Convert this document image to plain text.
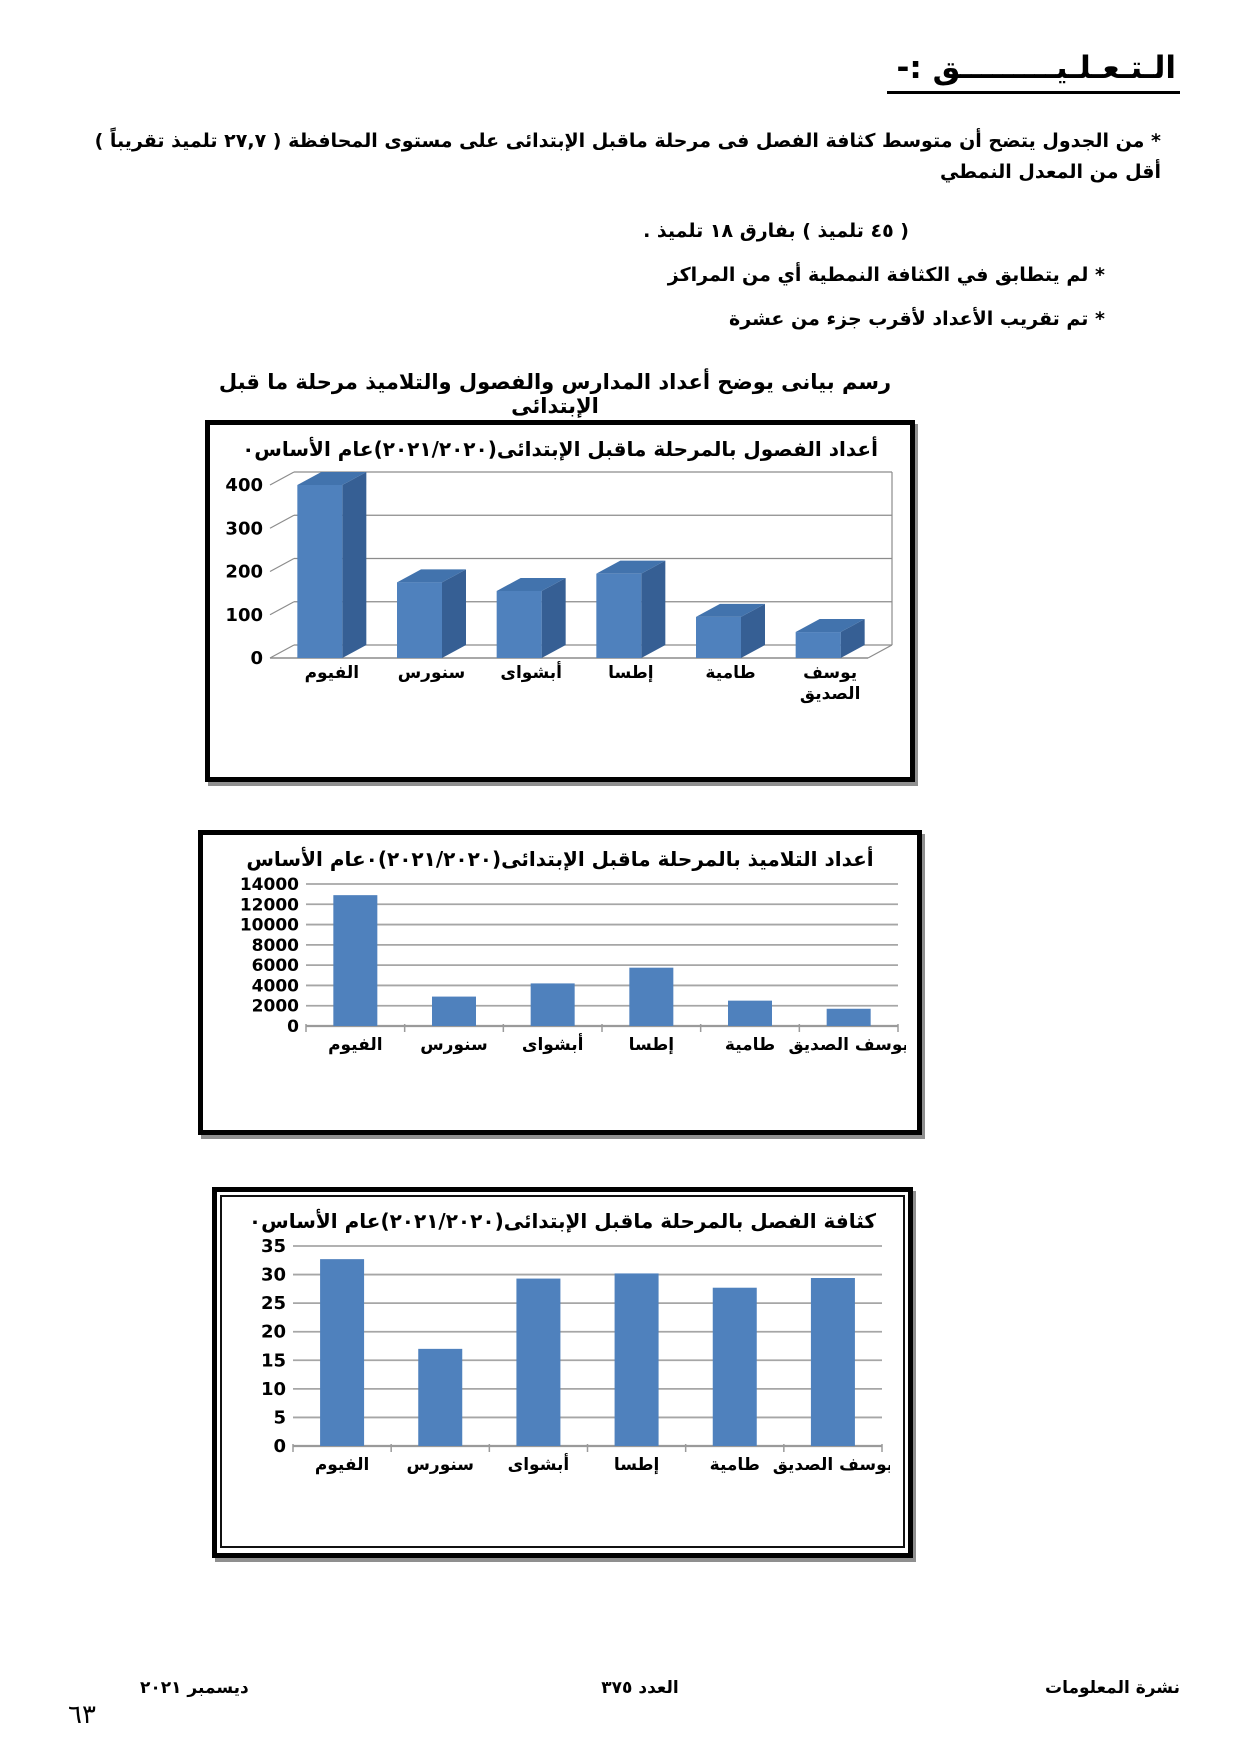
الـتـعـلـيـــــــــق :-
* من الجدول يتضح أن متوسط كثافة الفصل فى مرحلة ماقبل الإبتدائى على مستوى المحافظة ( ٢٧,٧ تلميذ تقريباً ) أقل من المعدل النمطي
( ٤٥ تلميذ ) بفارق ١٨ تلميذ .
* لم يتطابق في الكثافة النمطية أي من المراكز
* تم تقريب الأعداد لأقرب جزء من عشرة
رسم بيانى يوضح أعداد المدارس والفصول والتلاميذ مرحلة ما قبل الإبتدائى
أعداد الفصول بالمرحلة ماقبل الإبتدائى(٢٠٢١/٢٠٢٠)عام الأساس٠
0
100
200
300
400
الفيوم سنورس أبشواى	إطسا	طامية	يوسف الصديق
أعداد التلاميذ بالمرحلة ماقبل الإبتدائى(٢٠٢١/٢٠٢٠)٠عام الأساس
0
2000
4000
6000
8000
10000
12000
14000
الفيوم سنورس أبشواى	إطسا	طامية يوسف الصديق
كثافة الفصل بالمرحلة ماقبل الإبتدائى(٢٠٢١/٢٠٢٠)عام الأساس٠
0
5
10
15
20
25
30
35
الفيوم سنورس أبشواى	إطسا	طامية يوسف الصديق
نشرة المعلومات
العدد ٣٧٥
ديسمبر ٢٠٢١
٦٣
